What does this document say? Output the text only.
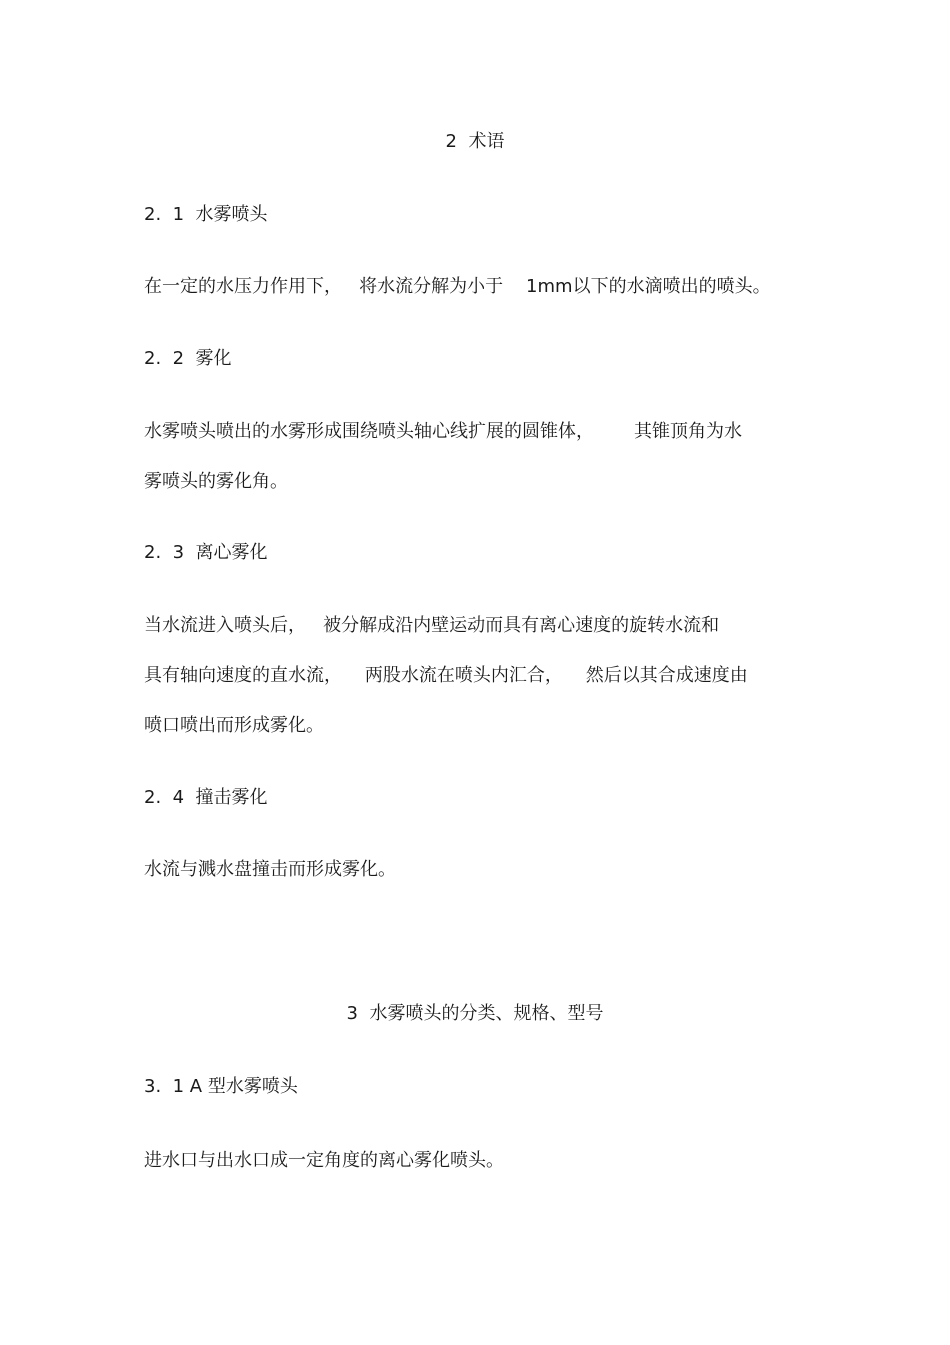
2  术语
2.  1  水雾喷头
在一定的水压力作用下，   将水流分解为小于    1mm以下的水滴喷出的喷头。
2.  2  雾化
水雾喷头喷出的水雾形成围绕喷头轴心线扩展的圆锥体，       其锥顶角为水
雾喷头的雾化角。
2.  3  离心雾化
当水流进入喷头后，   被分解成沿内壁运动而具有离心速度的旋转水流和
具有轴向速度的直水流，    两股水流在喷头内汇合，    然后以其合成速度由
喷口喷出而形成雾化。
2.  4  撞击雾化
水流与溅水盘撞击而形成雾化。
3  水雾喷头的分类、规格、型号
3.  1 A 型水雾喷头
进水口与出水口成一定角度的离心雾化喷头。
